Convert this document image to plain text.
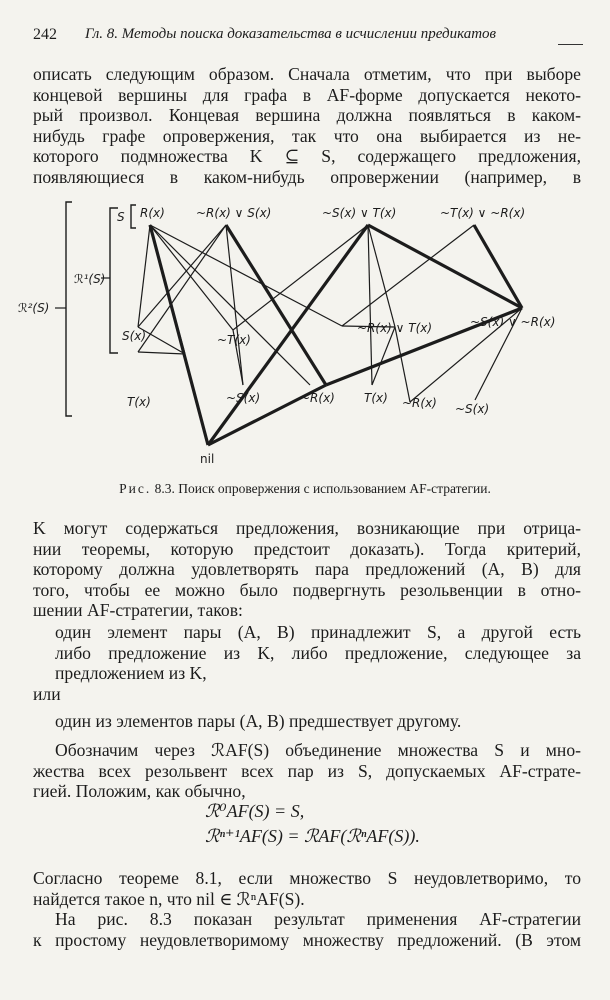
242 Гл. 8. Методы поиска доказательства в исчислении предикатов
описать следующим образом. Сначала отметим, что при выборе
концевой вершины для графа в AF-форме допускается некото-
рый произвол. Концевая вершина должна появляться в каком-
нибудь графе опровержения, так что она выбирается из не-
которого подмножества K ⊆ S, содержащего предложения,
появляющиеся в каком-нибудь опровержении (например, в
S
ℛ¹(S)
ℛ²(S)
R(x)	~R(x) ∨ S(x)	~S(x) ∨ T(x)	~T(x) ∨ ~R(x)
S(x)	~T(x)
~R(x) ∨ T(x)	~S(x) ∨ ~R(x)
T(x)	~S(x)	~R(x) T(x) ~R(x) ~S(x)
nil
Рис. 8.3. Поиск опровержения с использованием AF-стратегии.
K могут содержаться предложения, возникающие при отрица-
нии теоремы, которую предстоит доказать). Тогда критерий,
которому должна удовлетворять пара предложений (A, B) для
того, чтобы ее можно было подвергнуть резольвенции в отно-
шении AF-стратегии, таков:
один элемент пары (A, B) принадлежит S, а другой есть
либо предложение из K, либо предложение, следующее за
предложением из K,
или
один из элементов пары (A, B) предшествует другому.
Обозначим через ℛAF(S) объединение множества S и мно-
жества всех резольвент всех пар из S, допускаемых AF-страте-
гией. Положим, как обычно,
ℛ⁰AF(S) = S,
ℛⁿ⁺¹AF(S) = ℛAF(ℛⁿAF(S)).
Согласно теореме 8.1, если множество S неудовлетворимо, то
найдется такое n, что nil ∈ ℛⁿAF(S).
На рис. 8.3 показан результат применения AF-стратегии
к простому неудовлетворимому множеству предложений. (В этом
